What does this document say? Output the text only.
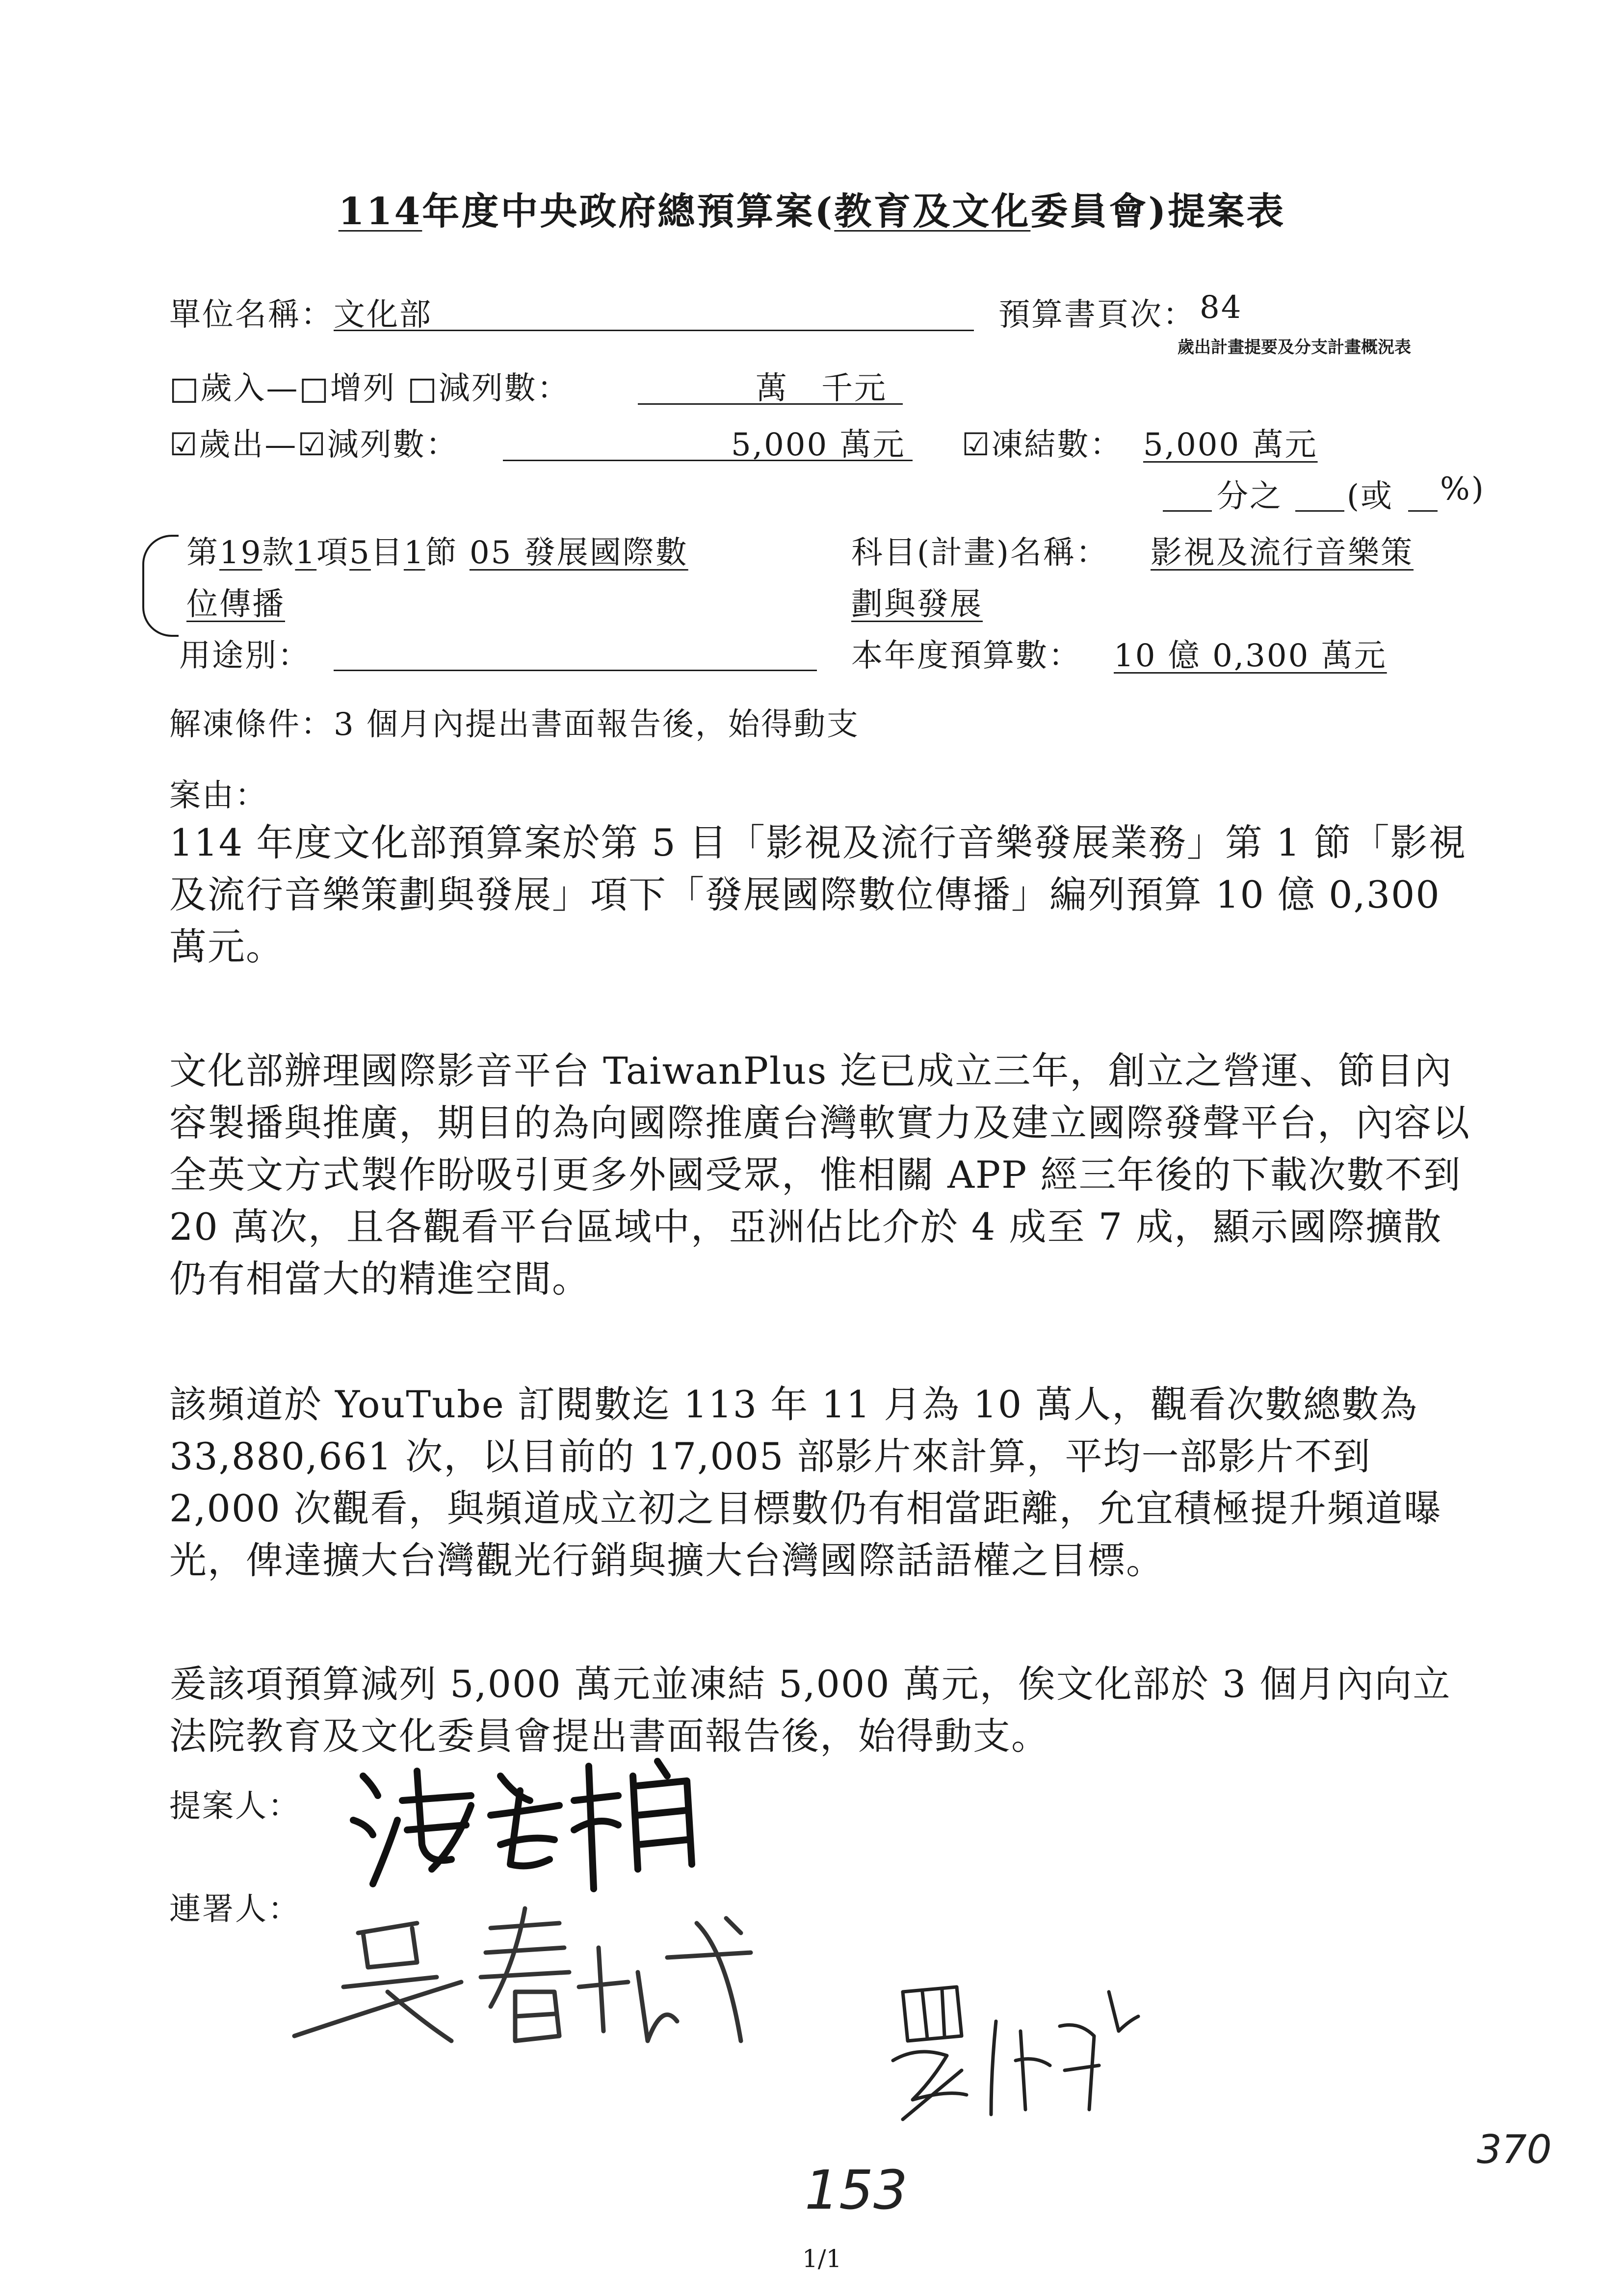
114年度中央政府總預算案(教育及文化委員會)提案表
單位名稱： 文化部	預算書頁次： 84
歲出計畫提要及分支計畫概況表
□歲入—□增列 □減列數：	萬　千元
☑歲出—☑減列數：	5,000 萬元 ☑凍結數： 5,000 萬元
分之 (或 %)
第19款1項5目1節 05 發展國際數
位傳播
科目(計畫)名稱： 影視及流行音樂策
劃與發展
用途別：	本年度預算數： 10 億 0,300 萬元
解凍條件：3 個月內提出書面報告後，始得動支
案由：
114 年度文化部預算案於第 5 目「影視及流行音樂發展業務」第 1 節「影視及流行音樂策劃與發展」項下「發展國際數位傳播」編列預算 10 億 0,300 萬元。
文化部辦理國際影音平台 TaiwanPlus 迄已成立三年，創立之營運、節目內容製播與推廣，期目的為向國際推廣台灣軟實力及建立國際發聲平台，內容以全英文方式製作盼吸引更多外國受眾，惟相關 APP 經三年後的下載次數不到 20 萬次，且各觀看平台區域中，亞洲佔比介於 4 成至 7 成，顯示國際擴散仍有相當大的精進空間。
該頻道於 YouTube 訂閱數迄 113 年 11 月為 10 萬人，觀看次數總數為 33,880,661 次，以目前的 17,005 部影片來計算，平均一部影片不到 2,000 次觀看，與頻道成立初之目標數仍有相當距離，允宜積極提升頻道曝光，俾達擴大台灣觀光行銷與擴大台灣國際話語權之目標。
爰該項預算減列 5,000 萬元並凍結 5,000 萬元，俟文化部於 3 個月內向立法院教育及文化委員會提出書面報告後，始得動支。
提案人：
連署人：
153
370
1/1
